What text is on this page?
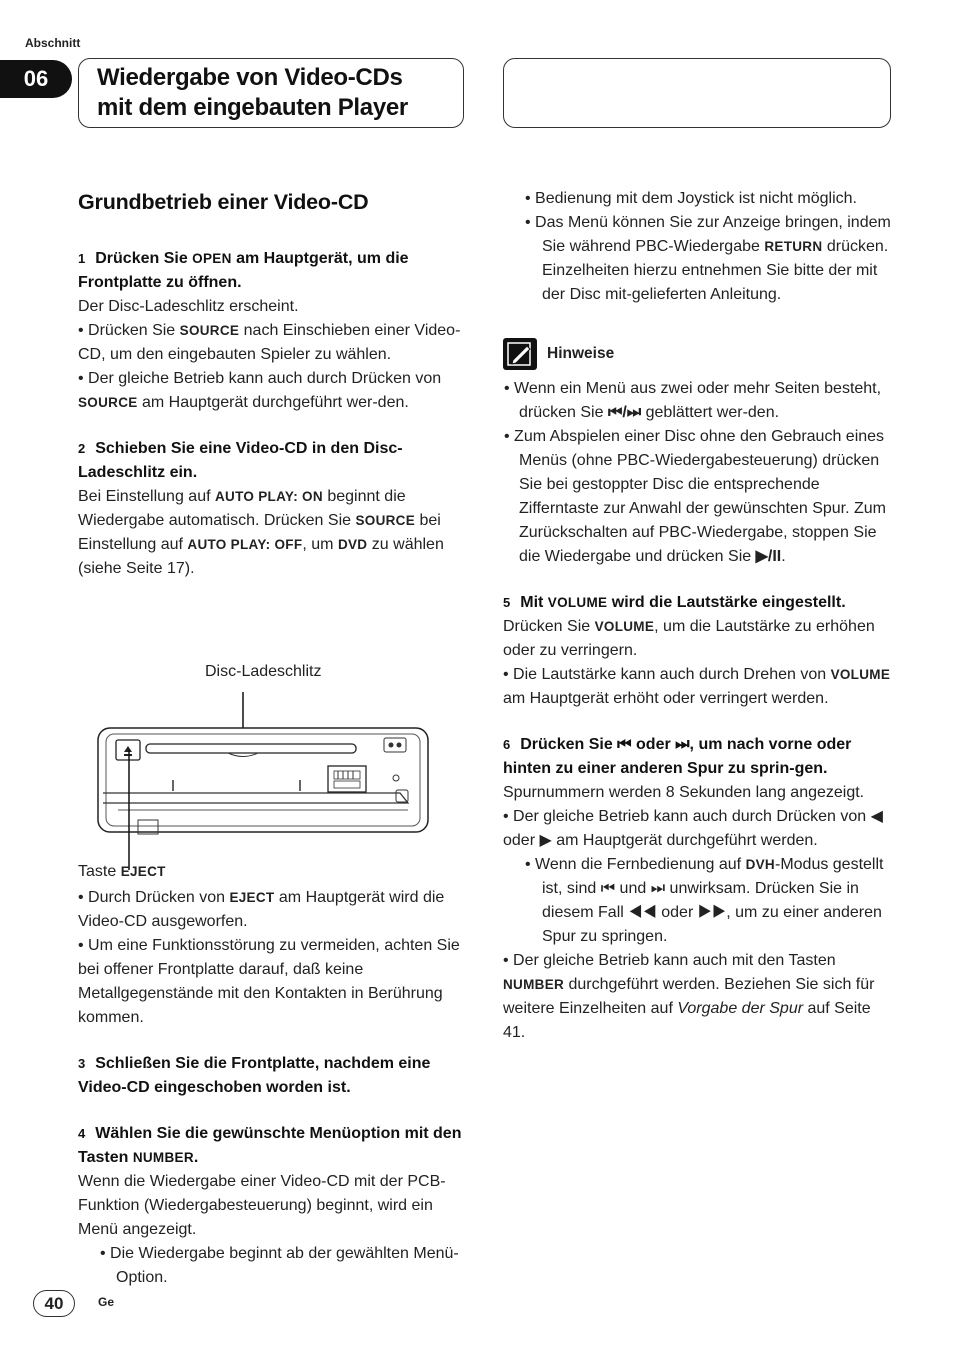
Abschnitt
06	Wiedergabe von Video-CDs
mit dem eingebauten Player
Grundbetrieb einer Video-CD

1 Drücken Sie OPEN am Hauptgerät, um die Frontplatte zu öffnen.

Der Disc-Ladeschlitz erscheint.

• Drücken Sie SOURCE nach Einschieben einer Video-CD, um den eingebauten Spieler zu wählen.

• Der gleiche Betrieb kann auch durch Drücken von SOURCE am Hauptgerät durchgeführt wer-den.

2 Schieben Sie eine Video-CD in den Disc-Ladeschlitz ein.

Bei Einstellung auf AUTO PLAY: ON beginnt die Wiedergabe automatisch. Drücken Sie SOURCE bei Einstellung auf AUTO PLAY: OFF, um DVD zu wählen (siehe Seite 17).

Disc-Ladeschlitz
Taste EJECT

• Durch Drücken von EJECT am Hauptgerät wird die Video-CD ausgeworfen.

• Um eine Funktionsstörung zu vermeiden, achten Sie bei offener Frontplatte darauf, daß keine Metallgegenstände mit den Kontakten in Berührung kommen.

3 Schließen Sie die Frontplatte, nachdem eine Video-CD eingeschoben worden ist.

4 Wählen Sie die gewünschte Menüoption mit den Tasten NUMBER.

Wenn die Wiedergabe einer Video-CD mit der PCB-Funktion (Wiedergabesteuerung) beginnt, wird ein Menü angezeigt.

• Die Wiedergabe beginnt ab der gewählten Menü-Option.

• Bedienung mit dem Joystick ist nicht möglich.

• Das Menü können Sie zur Anzeige bringen, indem Sie während PBC-Wiedergabe RETURN drücken. Einzelheiten hierzu entnehmen Sie bitte der mit der Disc mit-gelieferten Anleitung.

Hinweise

• Wenn ein Menü aus zwei oder mehr Seiten besteht, drücken Sie ⏮/⏭ geblättert wer-den.

• Zum Abspielen einer Disc ohne den Gebrauch eines Menüs (ohne PBC-Wiedergabesteuerung) drücken Sie bei gestoppter Disc die entsprechende Zifferntaste zur Anwahl der gewünschten Spur. Zum Zurückschalten auf PBC-Wiedergabe, stoppen Sie die Wiedergabe und drücken Sie ▶/II.

5 Mit VOLUME wird die Lautstärke eingestellt.

Drücken Sie VOLUME, um die Lautstärke zu erhöhen oder zu verringern.

• Die Lautstärke kann auch durch Drehen von VOLUME am Hauptgerät erhöht oder verringert werden.

6 Drücken Sie ⏮ oder ⏭, um nach vorne oder hinten zu einer anderen Spur zu sprin-gen.

Spurnummern werden 8 Sekunden lang angezeigt.

• Der gleiche Betrieb kann auch durch Drücken von ◀ oder ▶ am Hauptgerät durchgeführt werden.

• Wenn die Fernbedienung auf DVH-Modus gestellt ist, sind ⏮ und ⏭ unwirksam. Drücken Sie in diesem Fall ◀◀ oder ▶▶, um zu einer anderen Spur zu springen.

• Der gleiche Betrieb kann auch mit den Tasten NUMBER durchgeführt werden. Beziehen Sie sich für weitere Einzelheiten auf Vorgabe der Spur auf Seite 41.

40	Ge
